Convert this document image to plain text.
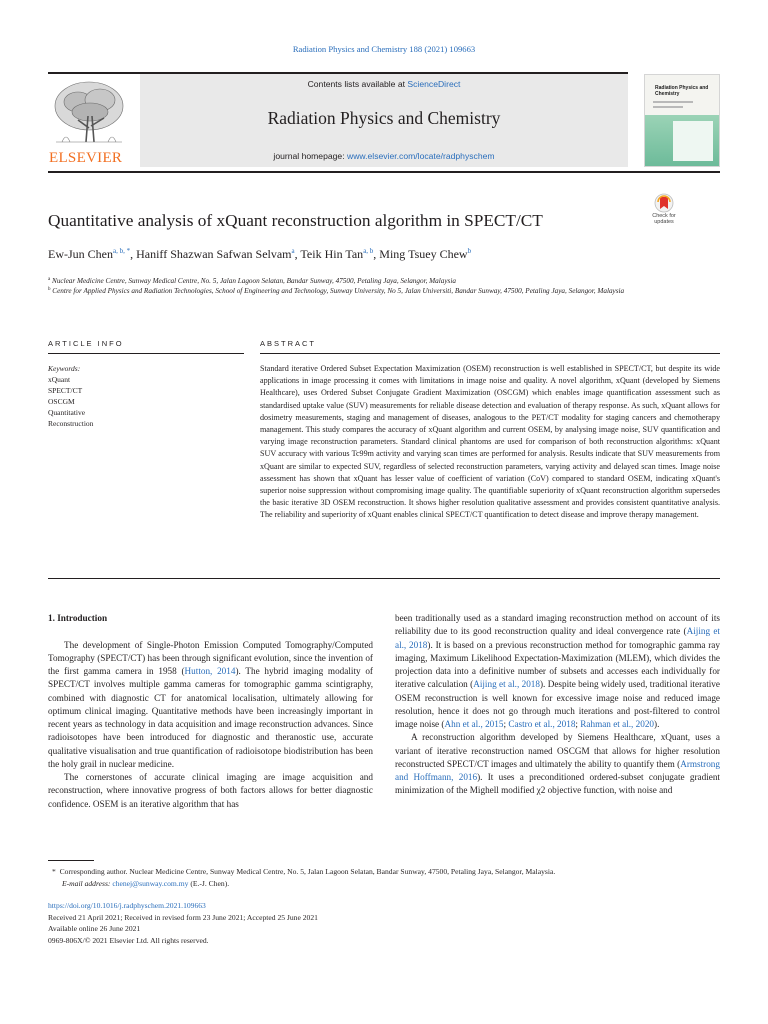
Radiation Physics and Chemistry 188 (2021) 109663
ELSEVIER
Contents lists available at ScienceDirect
Radiation Physics and Chemistry
journal homepage: www.elsevier.com/locate/radphyschem
Radiation Physics and Chemistry
Quantitative analysis of xQuant reconstruction algorithm in SPECT/CT	Check for updates
Ew-Jun Chen$^{a, b, *}$, Haniff Shazwan Safwan Selvam$^a$, Teik Hin Tan$^{a, b}$, Ming Tsuey Chew$^b$
$^a$ Nuclear Medicine Centre, Sunway Medical Centre, No. 5, Jalan Lagoon Selatan, Bandar Sunway, 47500, Petaling Jaya, Selangor, Malaysia
$^b$ Centre for Applied Physics and Radiation Technologies, School of Engineering and Technology, Sunway University, No 5, Jalan Universiti, Bandar Sunway, 47500, Petaling Jaya, Selangor, Malaysia
ARTICLE INFO	ABSTRACT
Keywords:
xQuant
SPECT/CT
OSCGM
Quantitative
Reconstruction
Standard iterative Ordered Subset Expectation Maximization (OSEM) reconstruction is well established in SPECT/CT, but despite its wide applications in image processing it comes with limitations in image noise and quality. A novel algorithm, xQuant (developed by Siemens Healthcare), uses Ordered Subset Conjugate Gradient Maximization (OSCGM) which enables image quantification assessment such as standardised uptake value (SUV) measurements for reliable disease detection and evaluation of therapy response. As such, xQuant allows for dosimetry measurements, staging and management of diseases, analogous to the PET/CT modality for staging cancers and chemotherapy management. This study compares the accuracy of xQuant algorithm and current OSEM, by analysing image noise, SUV quantification and varying image reconstruction parameters. Standard clinical phantoms are used for comparison of both reconstruction algorithms: xQuant SUV accuracy with various Tc99m activity and varying scan times are performed for analysis. Results indicate that SUV measurements from xQuant are similar to expected SUV, regardless of selected reconstruction parameters, varying activity and delayed scan times. Image noise assessment has shown that xQuant has lesser value of coefficient of variation (CoV) compared to standard OSEM, indicating xQuant's superior noise suppression without compromising image quality. The quantifiable superiority of xQuant reconstruction algorithm supersedes the basic iterative 3D OSEM reconstruction. It shows higher resolution qualitative assessment and provides consistent quantitative analysis. The reliability and superiority of xQuant enables clinical SPECT/CT quantification to detect disease and improve therapy management.
1. Introduction

The development of Single-Photon Emission Computed Tomography/Computed Tomography (SPECT/CT) has been through significant evolution, since the invention of the first gamma camera in 1958 (Hutton, 2014). The hybrid imaging modality of SPECT/CT involves multiple gamma cameras for tomographic gamma scintigraphy, combined with diagnostic CT for anatomical localisation, ultimately allowing for optimum clinical imaging. Quantitative methods have been increasingly important in recent years as technology in data acquisition and image reconstruction advances. Since radioisotopes have been introduced for diagnostic and theranostic use, accurate qualitative visualisation and true quantification of radioisotope biodistribution has been the holy grail in nuclear medicine.

The cornerstones of accurate clinical imaging are image acquisition and reconstruction, where innovative progress of both factors allows for better diagnostic confidence. OSEM is an iterative algorithm that has

been traditionally used as a standard imaging reconstruction method on account of its reliability due to its good reconstruction quality and ideal convergence rate (Aijing et al., 2018). It is based on a previous reconstruction method for tomographic gamma ray imaging, Maximum Likelihood Expectation-Maximization (MLEM), which divides the projection data into a definitive number of subsets and accesses each individually for iterative calculation (Aijing et al., 2018). Despite being widely used, traditional iterative OSEM reconstruction is well known for excessive image noise and reduced image resolution, hence it does not go through much iterations and post-filtered to control image noise (Ahn et al., 2015; Castro et al., 2018; Rahman et al., 2020).

A reconstruction algorithm developed by Siemens Healthcare, xQuant, uses a variant of iterative reconstruction named OSCGM that allows for higher resolution reconstructed SPECT/CT images and ultimately the ability to quantify them (Armstrong and Hoffmann, 2016). It uses a preconditioned ordered-subset conjugate gradient minimization of the Mighell modified χ2 objective function, with noise and

* Corresponding author. Nuclear Medicine Centre, Sunway Medical Centre, No. 5, Jalan Lagoon Selatan, Bandar Sunway, 47500, Petaling Jaya, Selangor, Malaysia.
E-mail address: chenej@sunway.com.my (E.-J. Chen).
https://doi.org/10.1016/j.radphyschem.2021.109663
Received 21 April 2021; Received in revised form 23 June 2021; Accepted 25 June 2021
Available online 26 June 2021
0969-806X/© 2021 Elsevier Ltd. All rights reserved.
